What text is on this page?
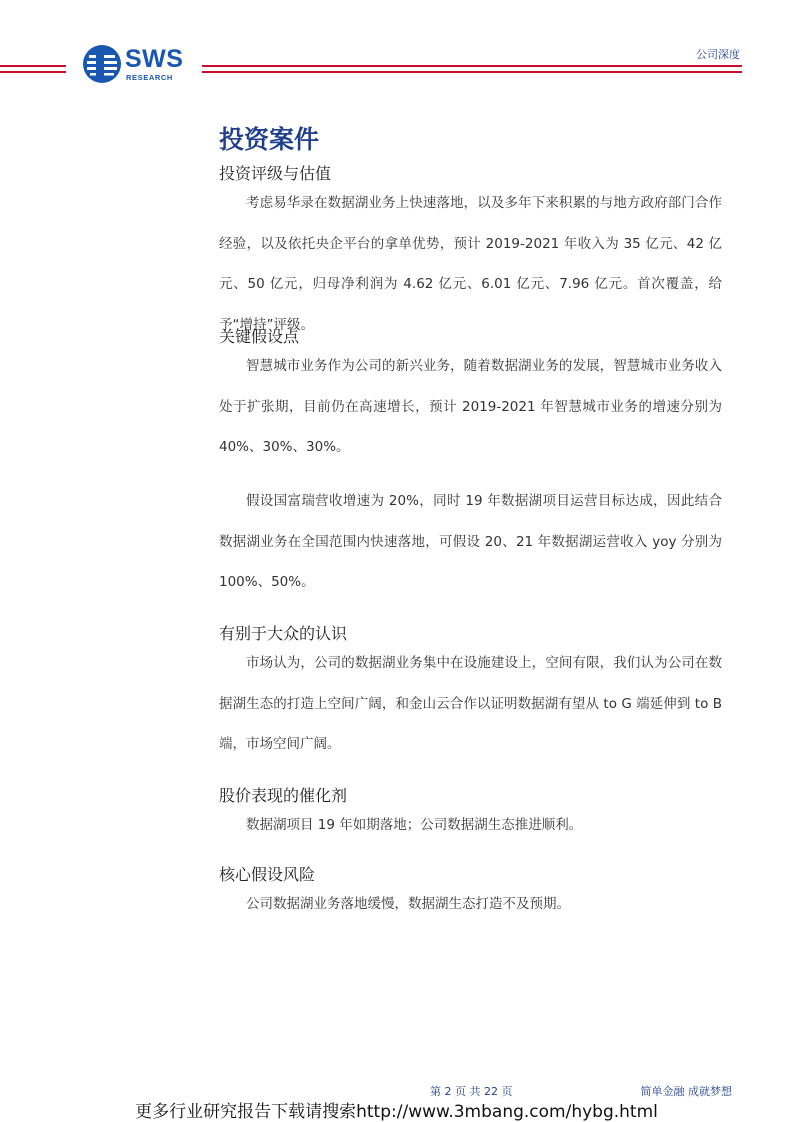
SWS
RESEARCH
公司深度
投资案件
投资评级与估值

考虑易华录在数据湖业务上快速落地，以及多年下来积累的与地方政府部门合作经验，以及依托央企平台的拿单优势，预计 2019-2021 年收入为 35 亿元、42 亿元、50 亿元，归母净利润为 4.62 亿元、6.01 亿元、7.96 亿元。首次覆盖，给予“增持”评级。

关键假设点

智慧城市业务作为公司的新兴业务，随着数据湖业务的发展，智慧城市业务收入处于扩张期，目前仍在高速增长，预计 2019-2021 年智慧城市业务的增速分别为 40%、30%、30%。

假设国富瑞营收增速为 20%，同时 19 年数据湖项目运营目标达成，因此结合数据湖业务在全国范围内快速落地，可假设 20、21 年数据湖运营收入 yoy 分别为 100%、50%。

有别于大众的认识

市场认为，公司的数据湖业务集中在设施建设上，空间有限，我们认为公司在数据湖生态的打造上空间广阔，和金山云合作以证明数据湖有望从 to G 端延伸到 to B 端，市场空间广阔。

股价表现的催化剂

数据湖项目 19 年如期落地；公司数据湖生态推进顺利。

核心假设风险

公司数据湖业务落地缓慢，数据湖生态打造不及预期。

第 2 页 共 22 页	简单金融 成就梦想
更多行业研究报告下载请搜索http://www.3mbang.com/hybg.html
